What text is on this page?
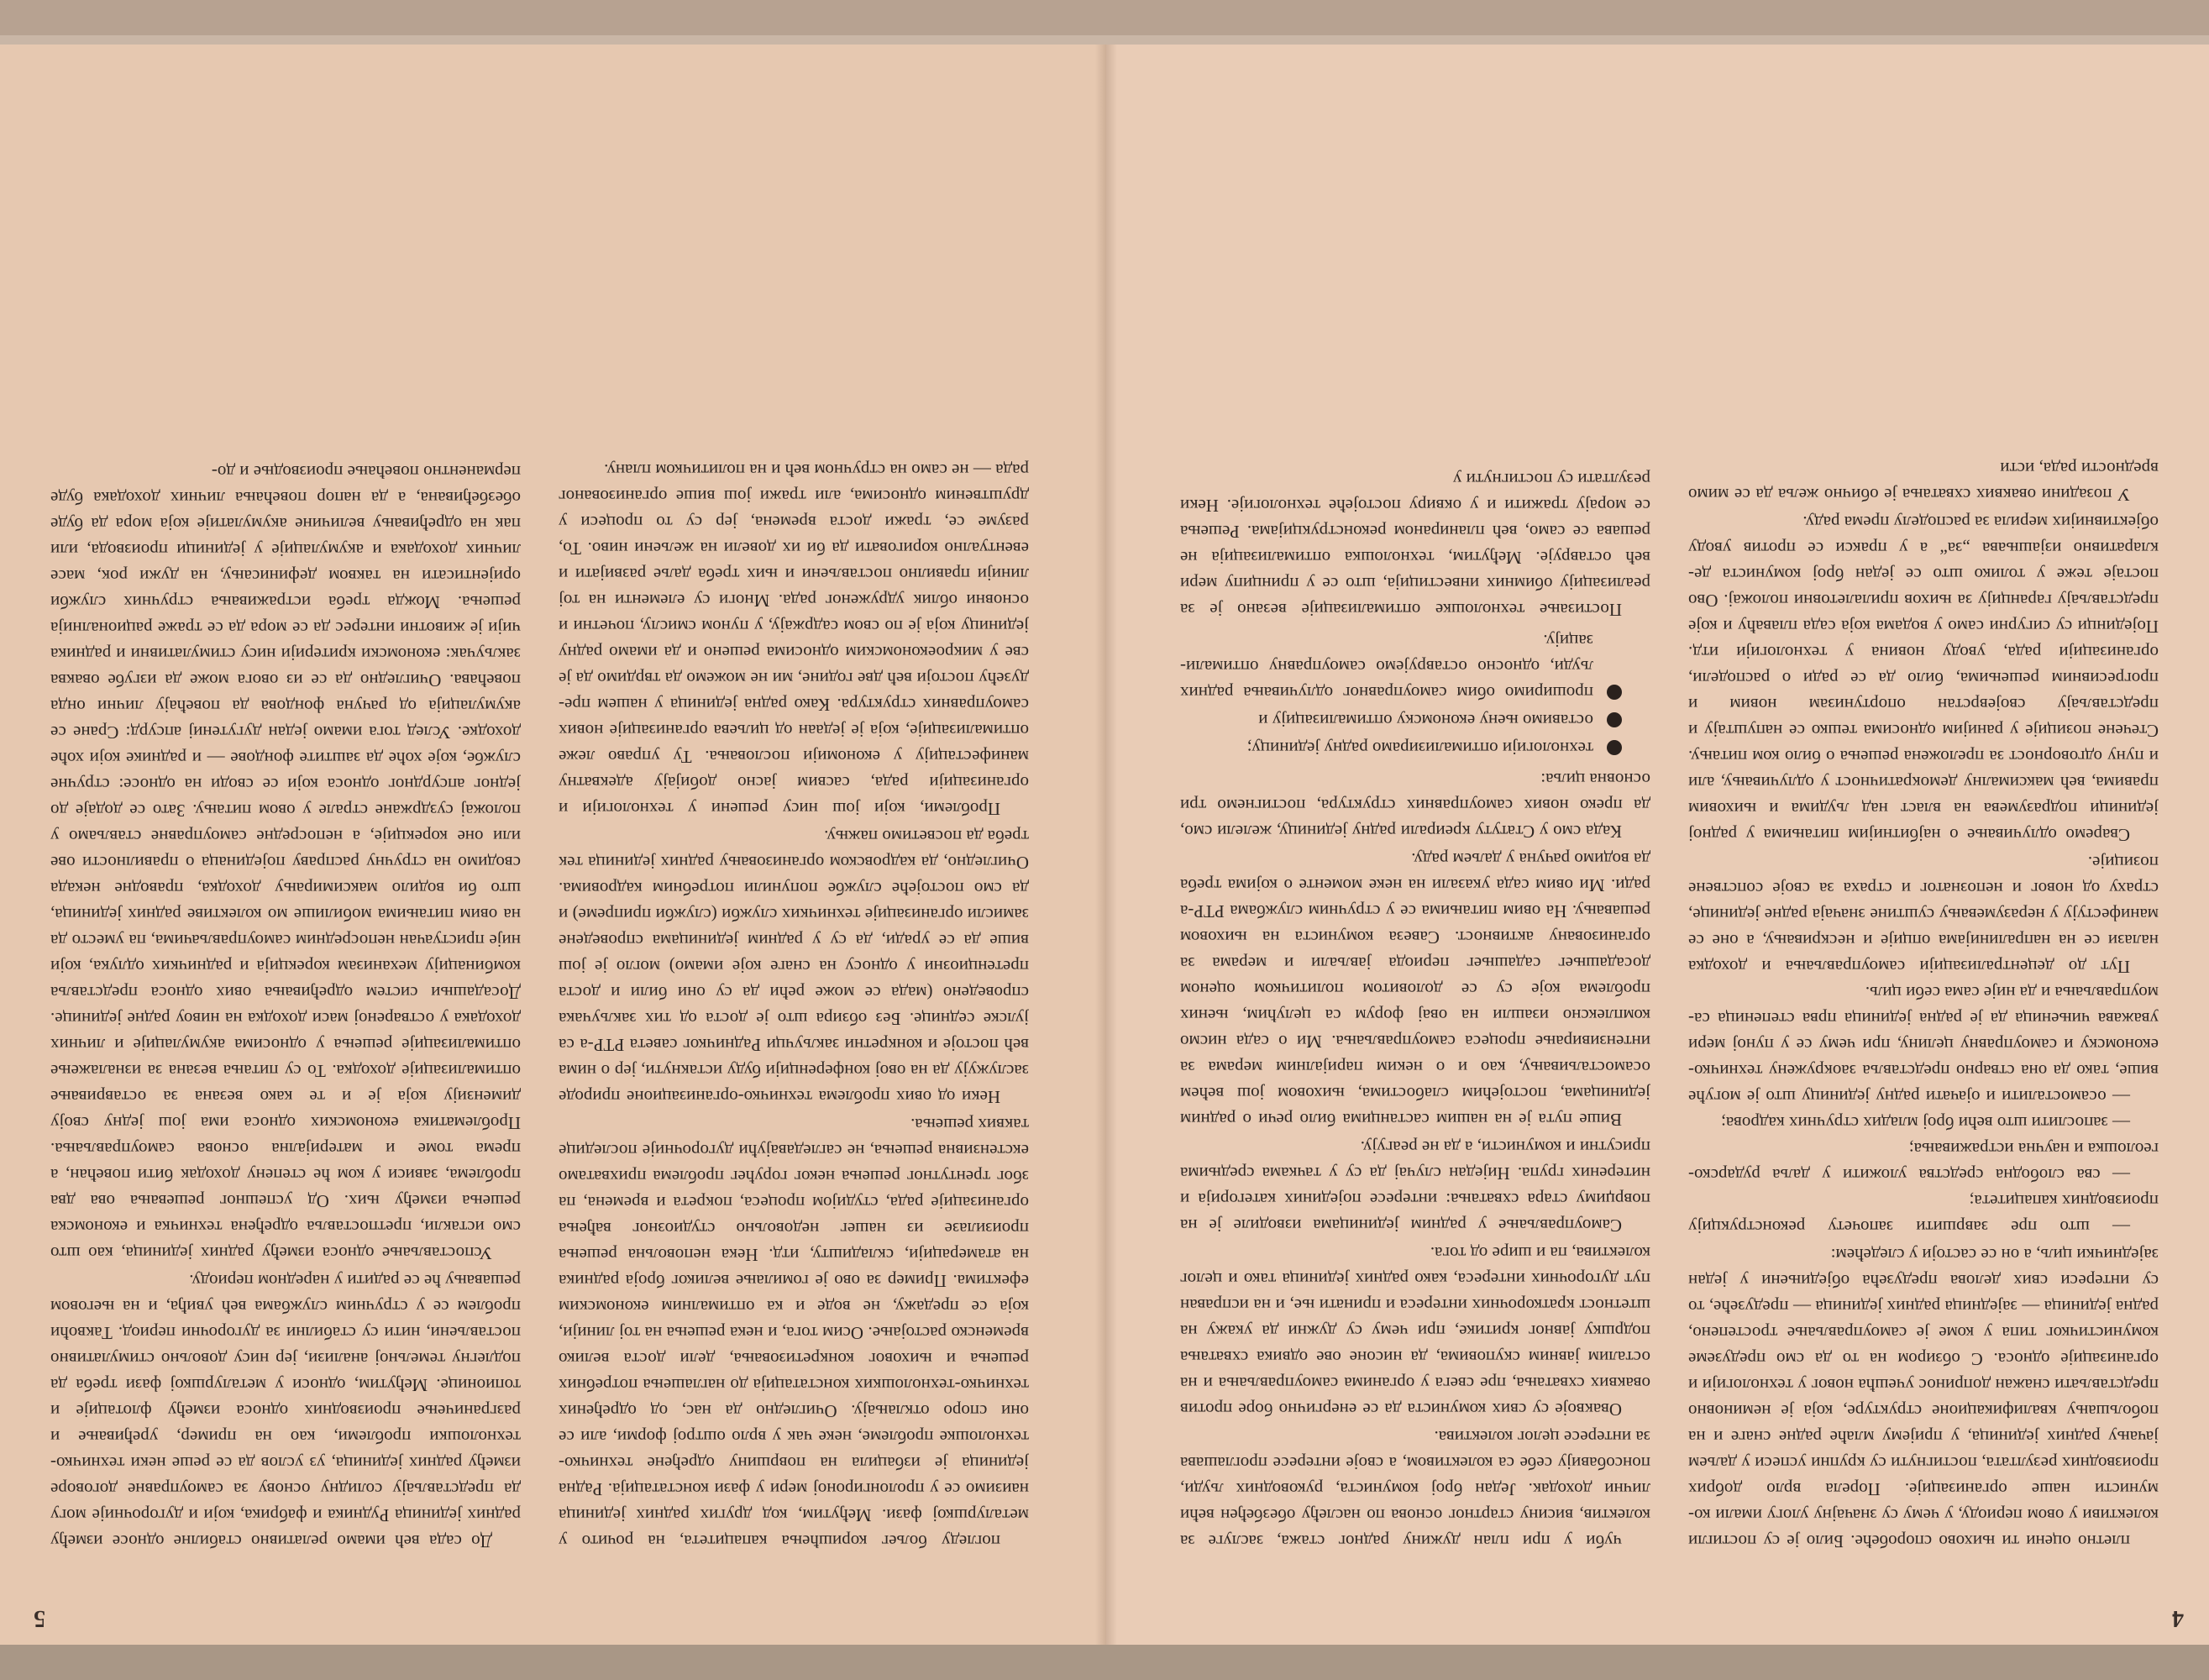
4
5

плетно оцени ти њихово споробеће. Било је су постигли колективи у овом периоду, у чему су значајну улогу имали комунисти наше организације. Порела врло добрих производних резултата, постигнути су крупни успеси у даљем јачању радних јединица, у пријему млаће радне снаге и на побољшању квалификационе структуре, која је неминовно представљати снажан допринос учешћа новог у технологији и организације односа. С обзиром на то да смо предуземе комунистичког типа у коме је самоуправљање тростепено, радна јединица — заједница радних јединица — предузеће, то су интереси свих делова предузећа обједињени у један заједнички циљ, а он се састоји у следећем:

— што пре завршити започету реконструкцију производних капацитета;
— сва слободна средства уложити у даља рударско-геолошка и научна истраживања;
— запослити што већи број младих стручних кадрова;
— осамосталити и ојачати радну јединицу што је могуће више, тако да она стварно представља заокружену техничко-економску и самоуправну целину, при чему се у пуној мери уважава чињеница да је радна јединица прва степеница самоуправљања и да није сама себи циљ.

Пут до децентрализацији самоуправљања и доходка налази се на напралинијама опције и нескривању, а оне се манифестују у неразумевању суштине значаја радне јединице, страху од новог и непознатог и страха за своје сопствене позиције.

Сваремо одлучивање о најбитнијим питањима у радној јединици подразумева на власт над људима и њиховим правима, већ максималну демократичност у одлучивању, али и пуну одговорност за преложена решења о било ком питању. Стечене позиције у ранијим односима тешко се напуштају и представљају својеврстан опортунизам новим и прогресивним решењима, било да се ради о расподели, организацији рада, уводу новина у технологији итд. Појединци су сигурни само у водама која сада плаваћу и које представљају гаранцију за њихов прилалетовни положај. Ово постаје теже у толико што се један број комуниста декларативно изјашњава „за“ а у пракси се против уводу објективнијих мерила за расподелу према раду.

У позадини оваквих схватања је обично жеља да се мимо вредности рада, исти

чуби у при план дужину радног стажа, заслуге за колектив, висину стартног основа по наслеђу обезбеђен већи лични доходак. Један број комуниста, руководних људи, понсобавију себе са колективом, а своје интересе проглашава за интересе целог колектива.

Оваквоје су свих комуниста да се енергично боре против оваквих схватања, пре свега у органима самоуправљања и на осталим јавним скуповима, да нисоне ове одвика схватања подршку јавног критике, при чему су дужни да укажу на штетност краткорочних интереса и принати ње, и на исправан пут дугорочних интереса, како радних јединица тако и целог колектива, па и шире од тога.

Самоуправљање у радним јединицама изводиле је на поврџиму стара схватања: интересе појединих категорија и нитерених група. Ниједан случај да су у тачкама средњима присутни и комунисти, а да не реагују.

Више пута је на нашим састанцима било речи о радним јединицама, постојећим слабостима, њиховом још већем осамостаљивању, као и о неким паријалним мерама за интензивирање процеса самоуправљања. Ми о сада нисмо комплексно изашли на овај форум са целућим, њених проблема које су се доловитом политичком оценом досадашњег садашњег периода јављали и мерама за организовану активност. Савеза комуниста на њиховом решавању. На овим питањима се у стручним службама РТР-а ради. Ми овим сада указали на неке моменте о којима треба да водимо рачуна у даљем раду.

Када смо у Статуту креирали радну јединицу, желели смо, да преко нових самоуправних структура, постигнемо три основна циља:

технологији оптимализирамо радну јединицу;
оставимо њену економску оптимализацију и
проширимо обим самоуправног одлучивања радних људи, односно оставрујемо самоуправну оптимализацију.

Постизање технолошке оптимализације везано је за реализацију обимних инвестиција, што се у принципу мери већ оставрује. Међутим, технолошка оптимализација не решава се само, већ планираном реконструкцијама. Решења се морају тражити и у оквиру постојеће технологије. Неки резултати су постигнути у

погледу бољег коришћења капацитета, на рочито у металуршкој фази. Међутим, код других радних јединица наизимо се у пролонгироној мери у фази констатација. Радна јединица је избацила на површину одређене техничко-технолошке проблеме, неке чак у врло оштрој форми, али се они споро отклањају. Очигледно да нас, од одређених техничко-технолошких констатација до наглашења потребних решења и њиховог конкретизовања, дели доста велико временско растојање. Осим тога, и нека решења на тој линији, која се предажу, не воде и ка оптималним економским ефектима. Пример за ово је гомилање великог броја радника на атамерацији, складишту, итд. Нека неповољна решења произилазе из нашег недовољно студиозног вађења организације рада, студијом процеса, покрета и времена, па због трентутног решења неког горућег проблема прихватамо екстензивна решења, не сагледавајући дугорочније последице таквих решења.

Неки од ових проблема техничко-организационе природе заслужују да на овој конференцији буду истакнути, јер о нима већ постоје и конкретни закључци Радничког савета РТР-а са јулске седнице. Без обзира што је доста од тих закључака спроведено (мада се може рећи да су они били и доста претенциозни у односу на снаге које имамо) могло је још више да се уради, да су у радним јединицама спроведене замисли организације техничких служби (служби припреме) и да смо постојеће службе попунили потребним кадровима. Очигледно, да кадровском организовању радних јединица тек треба да посветимо пажњу.

Проблеми, који још нису решени у технологији и организацији рада, сасвим јасно добијају адекватну манифестацију у економији пословања. Ту управо леже оптимализације, која је једаан од циљева организације нових самоуправних структура. Како радна јединица у нашем предузећу постоји већ две године, ми не можемо да тврдимо да је све у микроекономским односима решено и да имамо радну јединицу која је по свом садржају, у пуном смислу, почетни и основни облик удруженог рада. Многи су елементи на тој линији правилно постављени и њих треба даље развијати и евентуално кориговати да би их довели на жељени ниво. То, разуме се, тражи доста времена, јер су то процеси у друштвеним односима, али тражи још више организованог рада — не само на стручном већ и на политичком плану.

До сада већ имамо релативно стабилне односе између радних јединица Рудника и фабрика, који и дугорочније могу да представљају солидну основу за самоуправне договоре између радних јединица, уз услов да се реше неки техничкотехнолошки проблеми, као на пример, уређивање и разграничење производних односа између флотације и топионице. Међутим, односи у металуршкој фази треба да подлегну темељној анализи, јер нису довољно стимулативно постављени, нити су стабилни за дугорочни период. Таквоћи проблем се у стручним службама већ увиђа, и на његовом решавању ће се радити у наредном периоду.

Успостављање односа између радних јединица, као што смо истакли, претпоставља одређена техничка и економска решења између њих. Од успешног решевања ова два проблема, зависи у ком ће степену доходак бити повећан, а према томе и материјална основа самоуправљања. Проблематика економских односа има још једну своју димензију која је и те како везана за оставривање оптимализације доходка. То су питања везана за изналажење оптимализације решења у односима акумулације и личних доходака у оствареној маси доходка на нивоу радне јединице. Досадашњи систем одређивања ових односа представља комбинацију механизам корекција и радничких одлука, који није пристуачан непосредним самоуправљачима, па уместо да на овим питањима мобилише мо колективе радних јединица, што би водило максимирању доходка, праводне некада сводимо на стручну расправу појединаца о правилности ове или оне корекције, а непосредне самоуправне стављамо у положај суздржане страле у овом питању. Зато се додаје до једног апсурдног односа који се своди на односе: стручне службе, које хоће да заштите фондове — и раднике који хоће доходке. Услед тога имамо један дугутениј апсурд: Сране се акумулација од рачуна фондова да повећају лични онда повећава. Очигледно да се из овога може да изгубе оваква закључак: економски критерији нису стимулативни и радника чији је животни интерес да се мора да се траже рационалнија решења. Можда треба истраживања стручних служби оријентисати на таквом дефинисању, на дужи рок, масе личних доходака и акумулације у јединици производа, или пак на одређивању величине акумулатије која мора да буде обезбеђивана, а да напор повећања личних доходака буде перманентно повећање производње и до-
